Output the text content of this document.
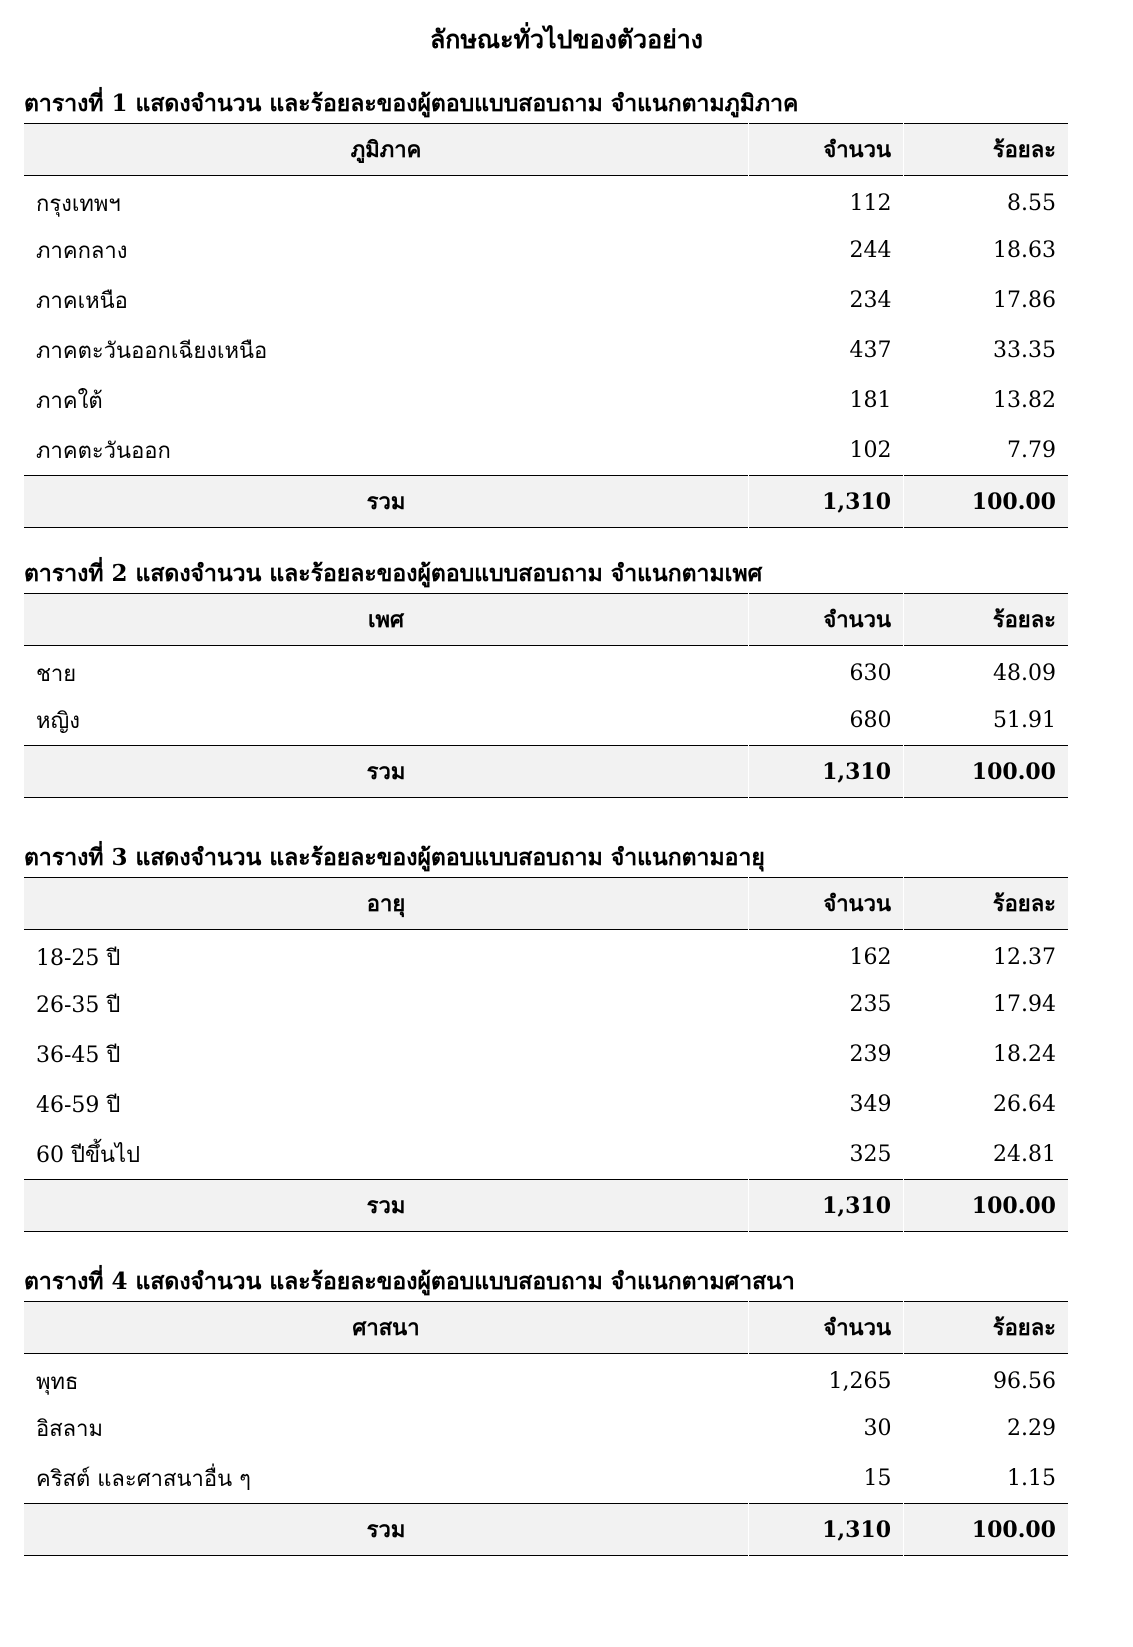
ลักษณะทั่วไปของตัวอย่าง
ตารางที่ 1 แสดงจำนวน และร้อยละของผู้ตอบแบบสอบถาม จำแนกตามภูมิภาค
ภูมิภาค	จำนวน	ร้อยละ
กรุงเทพฯ	112	8.55
ภาคกลาง	244	18.63
ภาคเหนือ	234	17.86
ภาคตะวันออกเฉียงเหนือ	437	33.35
ภาคใต้	181	13.82
ภาคตะวันออก	102	7.79
รวม	1,310	100.00
ตารางที่ 2 แสดงจำนวน และร้อยละของผู้ตอบแบบสอบถาม จำแนกตามเพศ
เพศ	จำนวน	ร้อยละ
ชาย	630	48.09
หญิง	680	51.91
รวม	1,310	100.00
ตารางที่ 3 แสดงจำนวน และร้อยละของผู้ตอบแบบสอบถาม จำแนกตามอายุ
อายุ	จำนวน	ร้อยละ
18-25 ปี	162	12.37
26-35 ปี	235	17.94
36-45 ปี	239	18.24
46-59 ปี	349	26.64
60 ปีขึ้นไป	325	24.81
รวม	1,310	100.00
ตารางที่ 4 แสดงจำนวน และร้อยละของผู้ตอบแบบสอบถาม จำแนกตามศาสนา
ศาสนา	จำนวน	ร้อยละ
พุทธ	1,265	96.56
อิสลาม	30	2.29
คริสต์ และศาสนาอื่น ๆ	15	1.15
รวม	1,310	100.00
